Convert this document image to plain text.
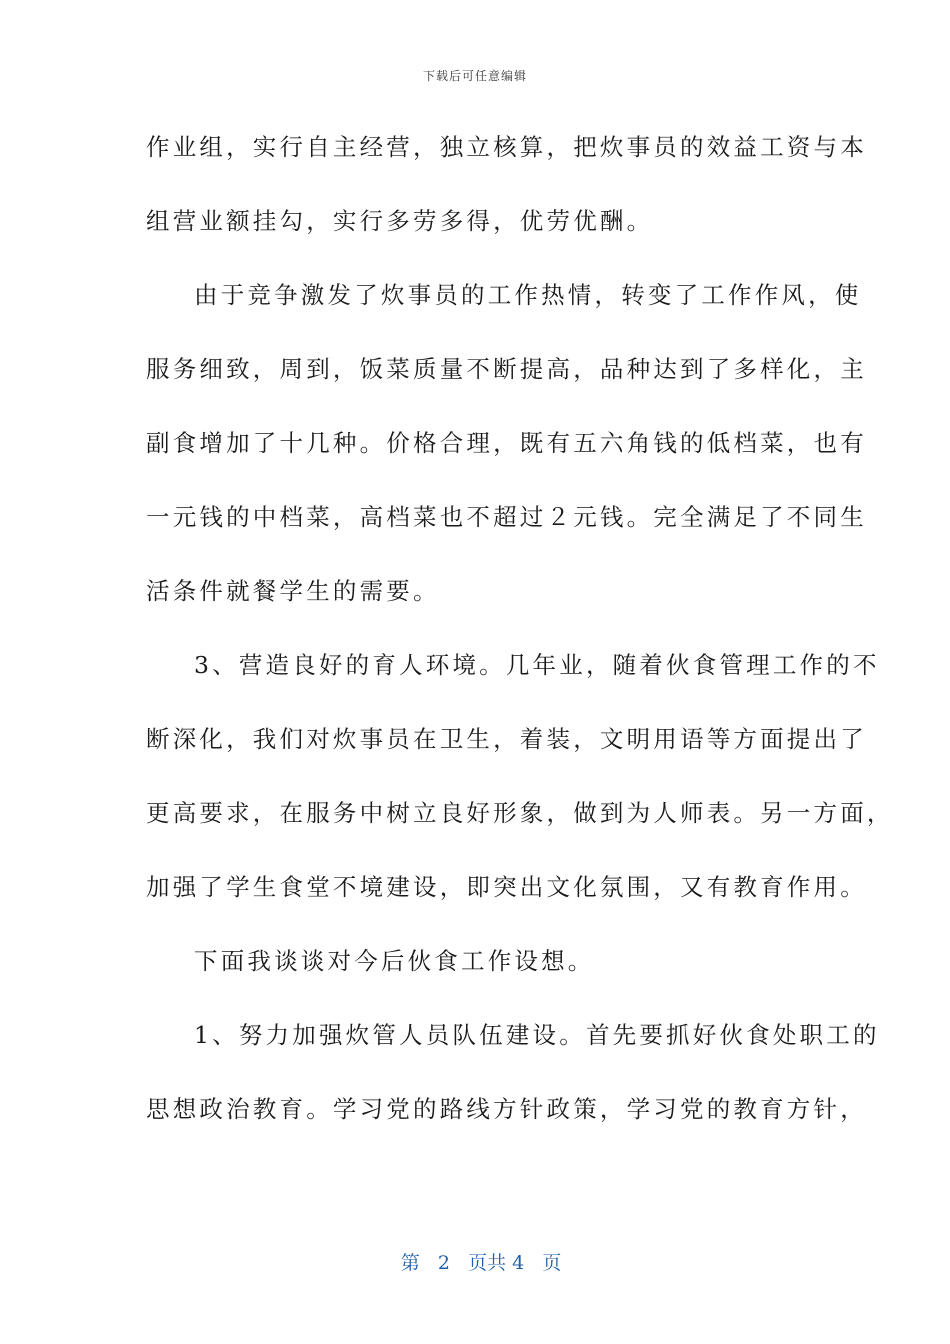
下载后可任意编辑
作业组，实行自主经营，独立核算，把炊事员的效益工资与本
组营业额挂勾，实行多劳多得，优劳优酬。
由于竞争激发了炊事员的工作热情，转变了工作作风，使
服务细致，周到，饭菜质量不断提高，品种达到了多样化，主
副食增加了十几种。价格合理，既有五六角钱的低档菜，也有
一元钱的中档菜，高档菜也不超过２元钱。完全满足了不同生
活条件就餐学生的需要。
3、营造良好的育人环境。几年业，随着伙食管理工作的不
断深化，我们对炊事员在卫生，着装，文明用语等方面提出了
更高要求，在服务中树立良好形象，做到为人师表。另一方面，
加强了学生食堂不境建设，即突出文化氛围，又有教育作用。
下面我谈谈对今后伙食工作设想。
1、努力加强炊管人员队伍建设。首先要抓好伙食处职工的
思想政治教育。学习党的路线方针政策，学习党的教育方针，

第 2 页共 4 页
